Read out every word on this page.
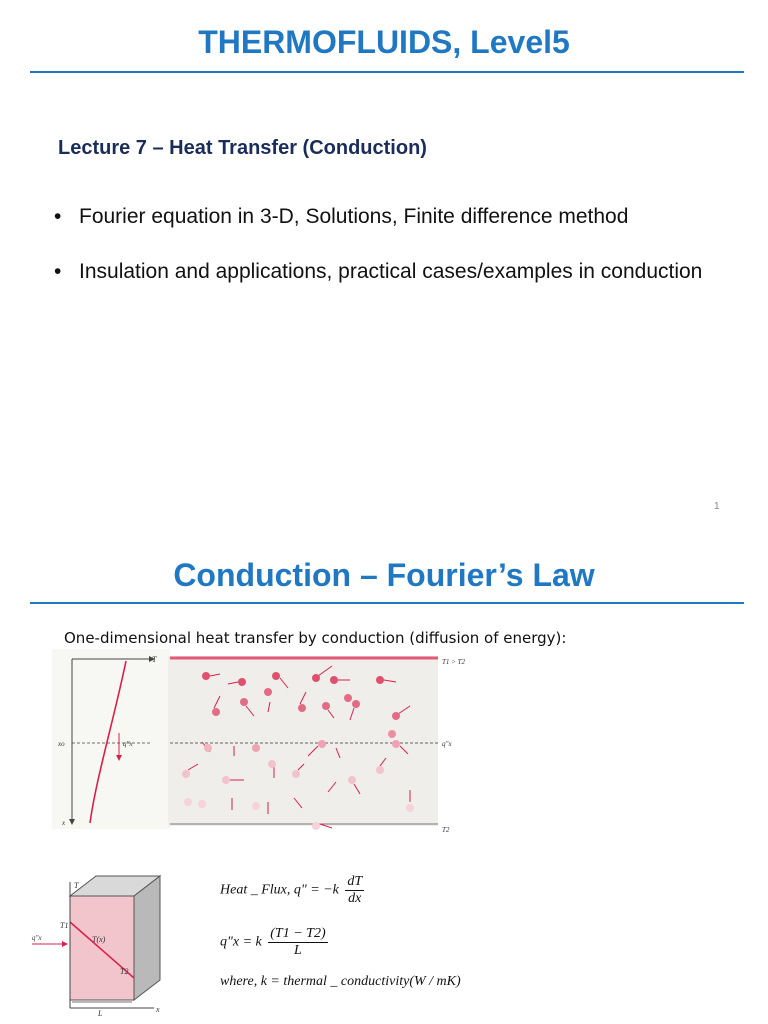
THERMOFLUIDS, Level5
Lecture 7 – Heat Transfer (Conduction)
• Fourier equation in 3-D, Solutions, Finite difference method
• Insulation and applications, practical cases/examples in conduction
1
Conduction – Fourier’s Law
One-dimensional heat transfer by conduction (diffusion of energy):
T
xo	q"x
x
T1 > T2
q"x
T2
T
T1
T(x)
T2
q"x
L	x
Heat _ Flux, q" = $-k \frac{dT}{dx}$
q"x = k $\frac{(T1 - T2)}{L}$
where, k = thermal _ conductivity(W / mK)
